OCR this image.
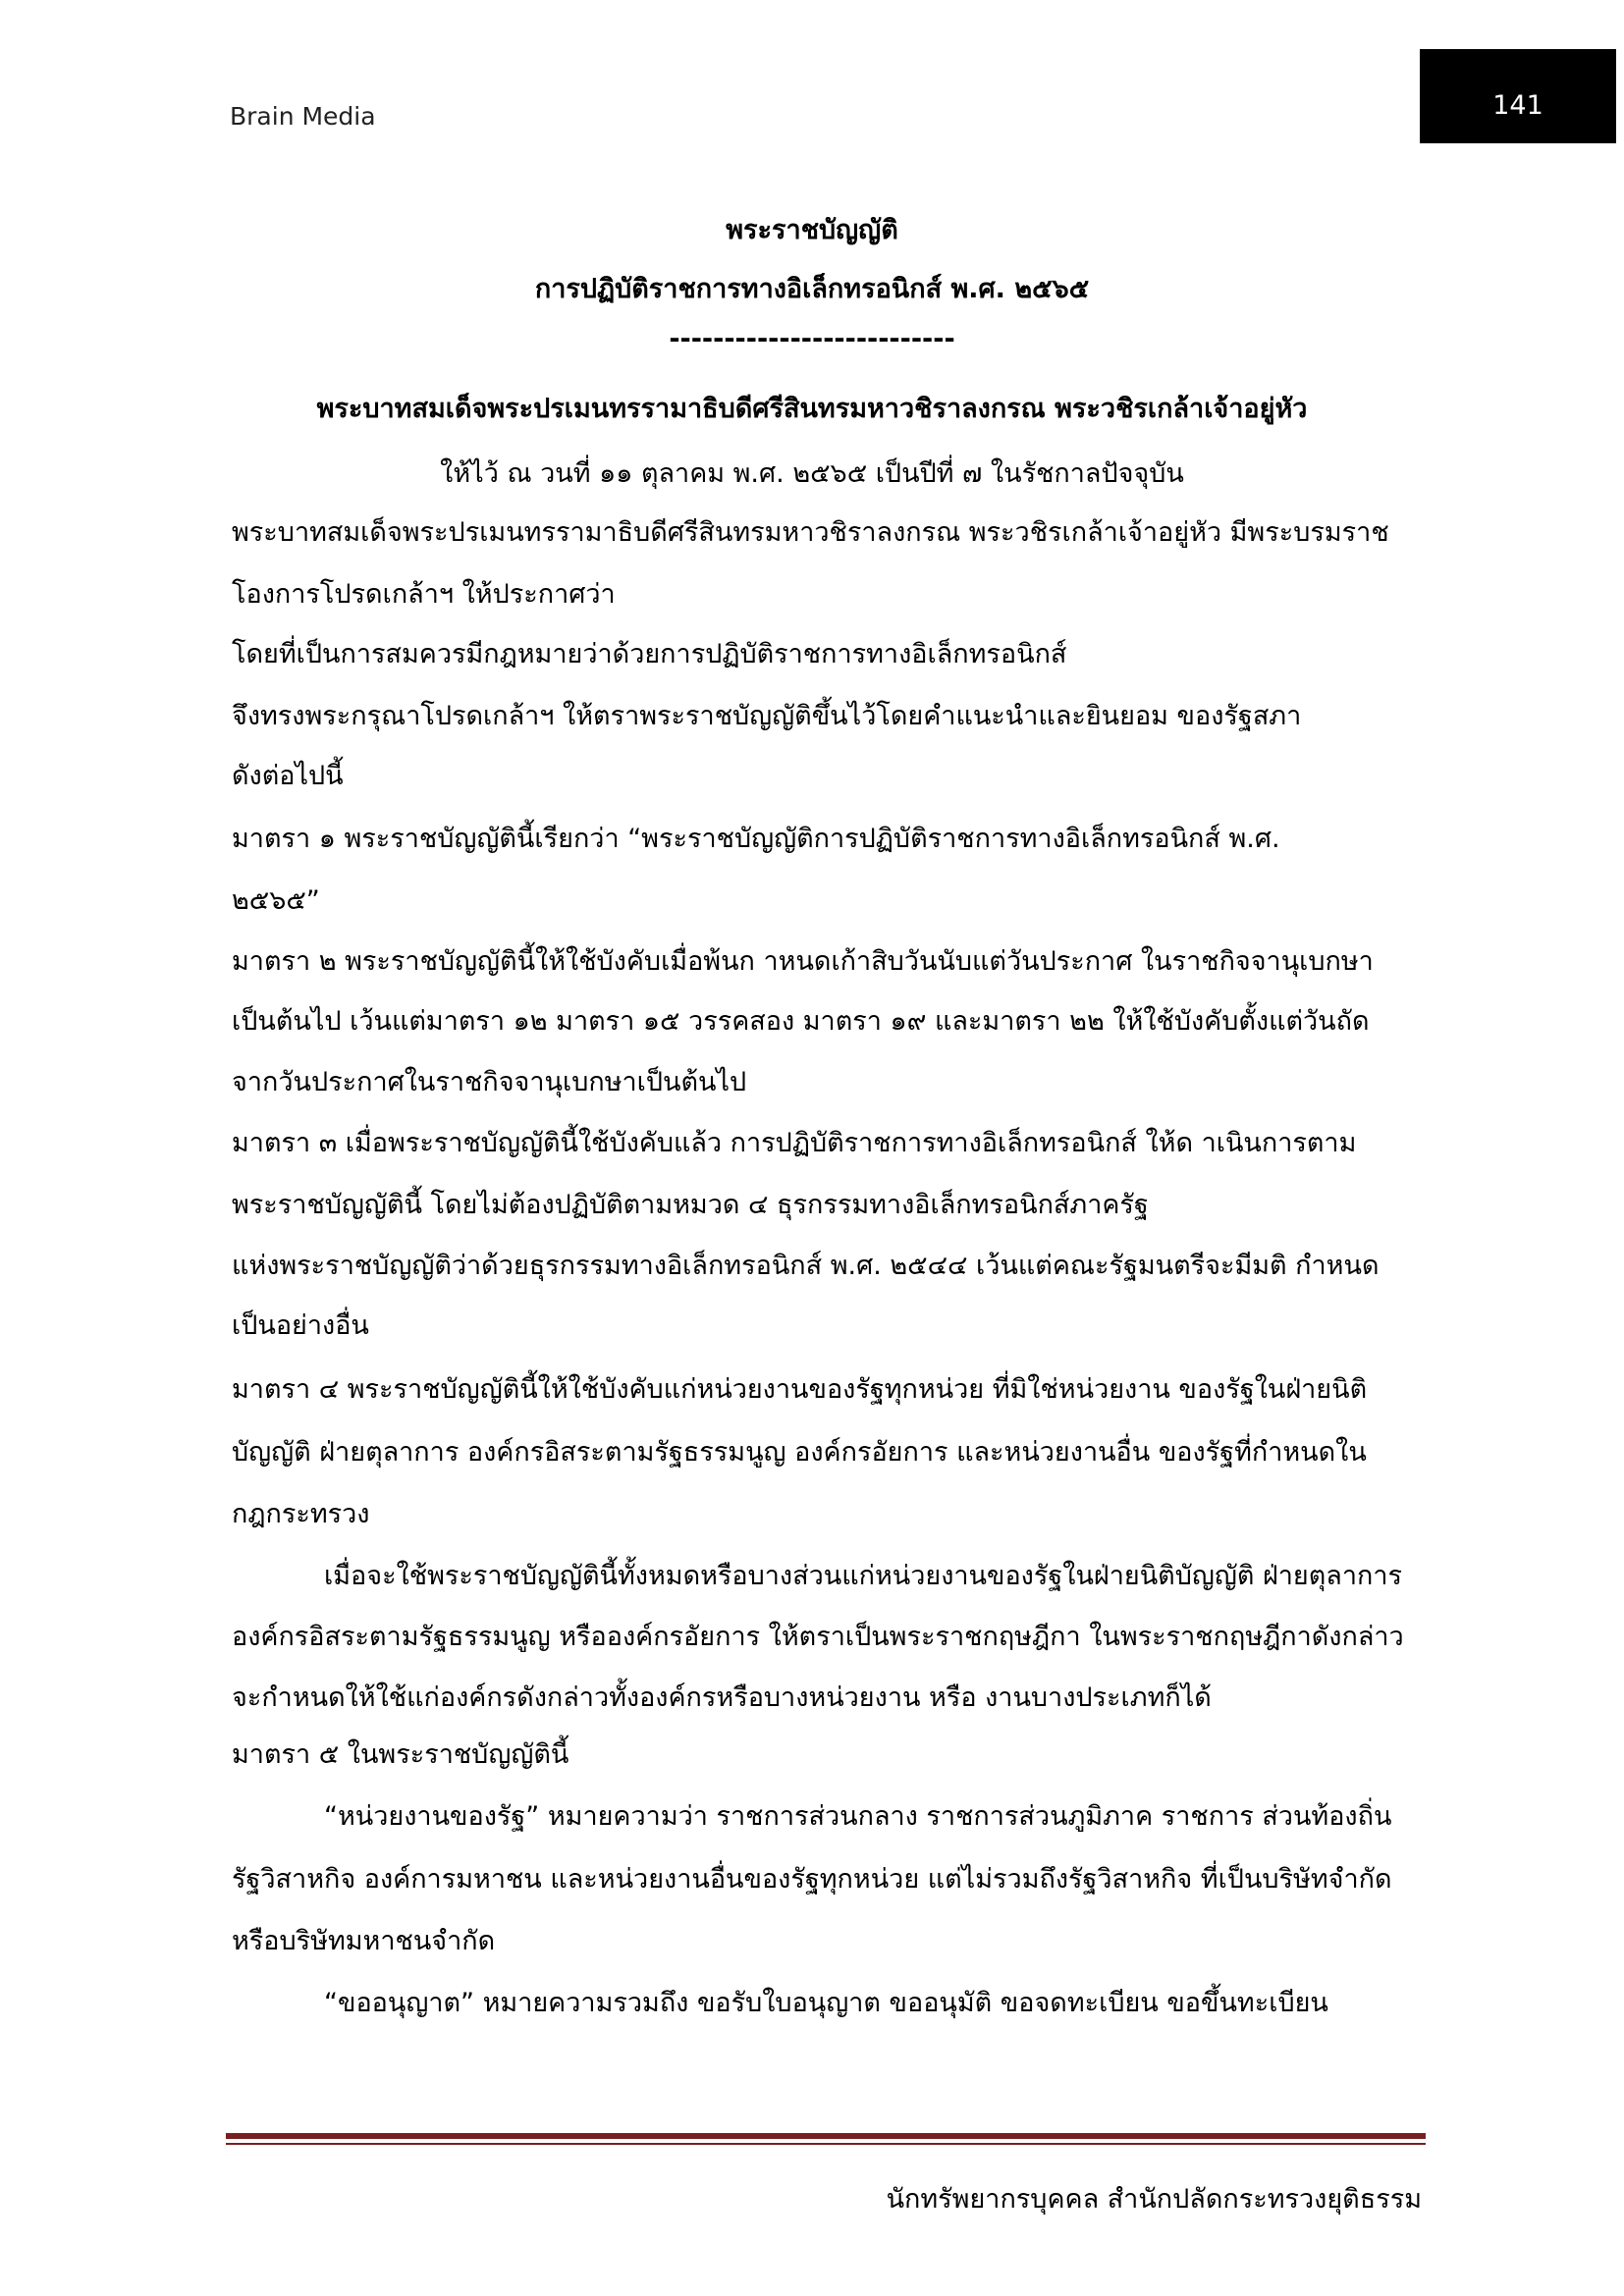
Brain Media	141
พระราชบัญญัติ
การปฏิบัติราชการทางอิเล็กทรอนิกส์ พ.ศ. ๒๕๖๕
--------------------------
พระบาทสมเด็จพระปรเมนทรรามาธิบดีศรีสินทรมหาวชิราลงกรณ พระวชิรเกล้าเจ้าอยู่หัว
ให้ไว้ ณ วนที่ ๑๑ ตุลาคม พ.ศ. ๒๕๖๕ เป็นปีที่ ๗ ในรัชกาลปัจจุบัน
พระบาทสมเด็จพระปรเมนทรรามาธิบดีศรีสินทรมหาวชิราลงกรณ พระวชิรเกล้าเจ้าอยู่หัว มีพระบรมราช
โองการโปรดเกล้าฯ ให้ประกาศว่า
โดยที่เป็นการสมควรมีกฎหมายว่าด้วยการปฏิบัติราชการทางอิเล็กทรอนิกส์
จึงทรงพระกรุณาโปรดเกล้าฯ ให้ตราพระราชบัญญัติขึ้นไว้โดยคำแนะนำและยินยอม ของรัฐสภา
ดังต่อไปนี้
มาตรา ๑ พระราชบัญญัตินี้เรียกว่า “พระราชบัญญัติการปฏิบัติราชการทางอิเล็กทรอนิกส์ พ.ศ.
๒๕๖๕”
มาตรา ๒ พระราชบัญญัตินี้ให้ใช้บังคับเมื่อพ้นก าหนดเก้าสิบวันนับแต่วันประกาศ ในราชกิจจานุเบกษา
เป็นต้นไป เว้นแต่มาตรา ๑๒ มาตรา ๑๕ วรรคสอง มาตรา ๑๙ และมาตรา ๒๒ ให้ใช้บังคับตั้งแต่วันถัด
จากวันประกาศในราชกิจจานุเบกษาเป็นต้นไป
มาตรา ๓ เมื่อพระราชบัญญัตินี้ใช้บังคับแล้ว การปฏิบัติราชการทางอิเล็กทรอนิกส์ ให้ด าเนินการตาม
พระราชบัญญัตินี้ โดยไม่ต้องปฏิบัติตามหมวด ๔ ธุรกรรมทางอิเล็กทรอนิกส์ภาครัฐ
แห่งพระราชบัญญัติว่าด้วยธุรกรรมทางอิเล็กทรอนิกส์ พ.ศ. ๒๕๔๔ เว้นแต่คณะรัฐมนตรีจะมีมติ กำหนด
เป็นอย่างอื่น
มาตรา ๔ พระราชบัญญัตินี้ให้ใช้บังคับแก่หน่วยงานของรัฐทุกหน่วย ที่มิใช่หน่วยงาน ของรัฐในฝ่ายนิติ
บัญญัติ ฝ่ายตุลาการ องค์กรอิสระตามรัฐธรรมนูญ องค์กรอัยการ และหน่วยงานอื่น ของรัฐที่กำหนดใน
กฎกระทรวง
เมื่อจะใช้พระราชบัญญัตินี้ทั้งหมดหรือบางส่วนแก่หน่วยงานของรัฐในฝ่ายนิติบัญญัติ ฝ่ายตุลาการ
องค์กรอิสระตามรัฐธรรมนูญ หรือองค์กรอัยการ ให้ตราเป็นพระราชกฤษฎีกา ในพระราชกฤษฎีกาดังกล่าว
จะกำหนดให้ใช้แก่องค์กรดังกล่าวทั้งองค์กรหรือบางหน่วยงาน หรือ งานบางประเภทก็ได้
มาตรา ๕ ในพระราชบัญญัตินี้
“หน่วยงานของรัฐ” หมายความว่า ราชการส่วนกลาง ราชการส่วนภูมิภาค ราชการ ส่วนท้องถิ่น
รัฐวิสาหกิจ องค์การมหาชน และหน่วยงานอื่นของรัฐทุกหน่วย แต่ไม่รวมถึงรัฐวิสาหกิจ ที่เป็นบริษัทจำกัด
หรือบริษัทมหาชนจำกัด
“ขออนุญาต” หมายความรวมถึง ขอรับใบอนุญาต ขออนุมัติ ขอจดทะเบียน ขอขึ้นทะเบียน
นักทรัพยากรบุคคล สำนักปลัดกระทรวงยุติธรรม
